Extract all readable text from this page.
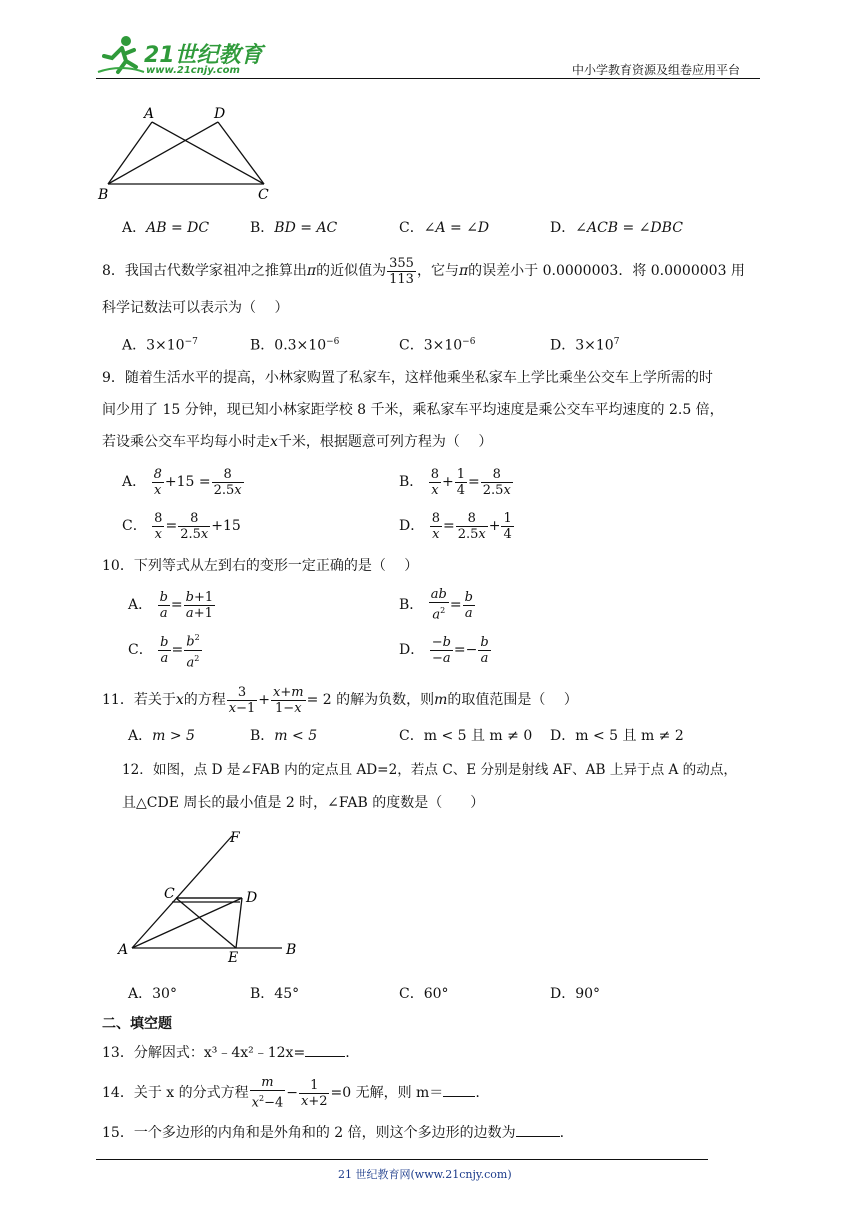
21世纪教育
www.21cnjy.com	中小学教育资源及组卷应用平台
A	D
B	C
A．AB = DC	B．BD = AC	C．∠A = ∠D	D．∠ACB = ∠DBC
8．我国古代数学家祖冲之推算出π的近似值为 $\frac{355}{113}$ ，它与π的误差小于 0.0000003．将 0.0000003 用
科学记数法可以表示为（　 ）
A．$3\times 10^{-7}$	B．$0.3\times 10^{-6}$	C．$3\times 10^{-6}$	D．$3\times 10^7$
9．随着生活水平的提高，小林家购置了私家车，这样他乘坐私家车上学比乘坐公交车上学所需的时
间少用了 15 分钟，现已知小林家距学校 8 千米，乘私家车平均速度是乘公交车平均速度的 2.5 倍，
若设乘公交车平均每小时走x千米，根据题意可列方程为（　 ）
A． $\frac{8}{x} +15 = \frac{8}{2.5x}$	B． $\frac{8}{x} + \frac{1}{4} = \frac{8}{2.5x}$
C． $\frac{8}{x} = \frac{8}{2.5x} +15$	D． $\frac{8}{x} = \frac{8}{2.5x} + \frac{1}{4}$
10．下列等式从左到右的变形一定正确的是（　 ）
A． $\frac{b}{a} = \frac{b+1}{a+1}$	B． $\frac{ab}{a^2} = \frac{b}{a}$
C． $\frac{b}{a} = \frac{b^2}{a^2}$	D． $\frac{-b}{-a} =- \frac{b}{a}$
11．若关于x的方程 $\frac{3}{x-1} + \frac{x+m}{1-x} = 2$ 的解为负数，则m的取值范围是（　 ）
A．m > 5	B．m < 5	C．m < 5 且 m ≠ 0 D．m < 5 且 m ≠ 2
12．如图，点 D 是∠FAB 内的定点且 AD=2，若点 C、E 分别是射线 AF、AB 上异于点 A 的动点，
且△CDE 周长的最小值是 2 时，∠FAB 的度数是（　　）
F
C	D
A	E	B
A．30°	B．45°	C．60°	D．90°
二、填空题
13．分解因式：x³﹣4x²﹣12x=	.
14．关于 x 的分式方程 $\frac{m}{x^2-4} - \frac{1}{x+2} =0$ 无解，则 m＝ .
15．一个多边形的内角和是外角和的 2 倍，则这个多边形的边数为	.
21 世纪教育网(www.21cnjy.com)
